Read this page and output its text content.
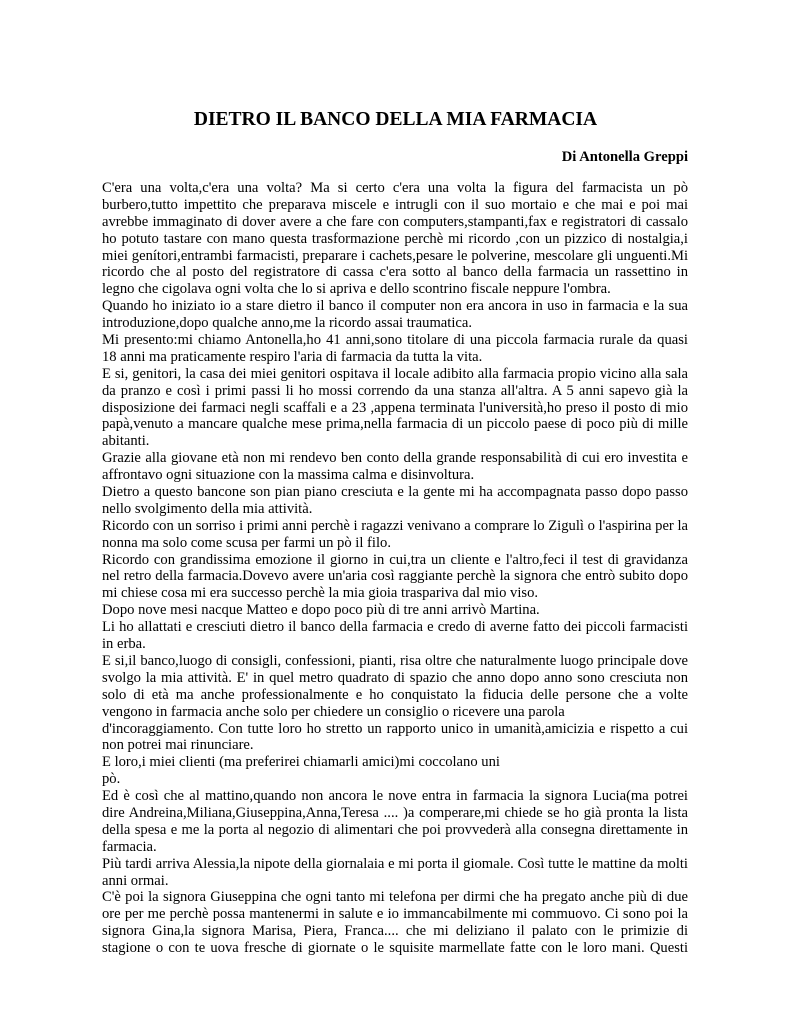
DIETRO IL BANCO DELLA MIA FARMACIA
Di Antonella Greppi
C'era una volta,c'era una volta? Ma si certo c'era una volta la figura del farmacista un pò
burbero,tutto impettito che preparava miscele e intrugli con il suo mortaio e che mai e poi mai
avrebbe immaginato di dover avere a che fare con computers,stampanti,fax e registratori di cassalo
ho potuto tastare con mano questa trasformazione perchè mi ricordo ,con un pizzico di nostalgia,i
miei genítori,entrambi farmacisti, preparare i cachets,pesare le polverine, mescolare gli unguenti.Mi
ricordo che al posto del registratore di cassa c'era sotto al banco della farmacia un rassettino in
legno che cigolava ogni volta che lo si apriva e dello scontrino fiscale neppure l'ombra.
Quando ho iniziato io a stare dietro il banco il computer non era ancora in uso in farmacia e la sua
introduzione,dopo qualche anno,me la ricordo assai traumatica.
Mi presento:mi chiamo Antonella,ho 41 anni,sono titolare di una piccola farmacia rurale da quasi
18 anni ma praticamente respiro l'aria di farmacia da tutta la vita.
E si, genitori, la casa dei miei genitori ospitava il locale adibito alla farmacia propio vicino alla sala
da pranzo e così i primi passi li ho mossi correndo da una stanza all'altra. A 5 anni sapevo già la
disposizione dei farmaci negli scaffali e a 23 ,appena terminata l'università,ho preso il posto di mio
papà,venuto a mancare qualche mese prima,nella farmacia di un piccolo paese di poco più di mille
abitanti.
Grazie alla giovane età non mi rendevo ben conto della grande responsabilità di cui ero investita e
affrontavo ogni situazione con la massima calma e disinvoltura.
Dietro a questo bancone son pian piano cresciuta e la gente mi ha accompagnata passo dopo passo
nello svolgimento della mia attività.
Ricordo con un sorriso i primi anni perchè i ragazzi venivano a comprare lo Zigulì o l'aspirina per la
nonna ma solo come scusa per farmi un pò il filo.
Ricordo con grandissima emozione il giorno in cui,tra un cliente e l'altro,feci il test di gravidanza
nel retro della farmacia.Dovevo avere un'aria così raggiante perchè la signora che entrò subito dopo
mi chiese cosa mi era successo perchè la mia gioia traspariva dal mio viso.
Dopo nove mesi nacque Matteo e dopo poco più di tre anni arrivò Martina.
Li ho allattati e cresciuti dietro il banco della farmacia e credo di averne fatto dei piccoli farmacisti
in erba.
E si,il banco,luogo di consigli, confessioni, pianti, risa oltre che naturalmente luogo principale dove
svolgo la mia attività. E' in quel metro quadrato di spazio che anno dopo anno sono cresciuta non
solo di età ma anche professionalmente e ho conquistato la fiducia delle persone che a volte
vengono in farmacia anche solo per chiedere un consiglio o ricevere una parola
d'incoraggiamento. Con tutte loro ho stretto un rapporto unico in umanità,amicizia e rispetto a cui
non potrei mai rinunciare.
E loro,i miei clienti (ma preferirei chiamarli amici)mi coccolano uni
pò.
Ed è così che al mattino,quando non ancora le nove entra in farmacia la signora Lucia(ma potrei
dire Andreina,Miliana,Giuseppina,Anna,Teresa .... )a comperare,mi chiede se ho già pronta la lista
della spesa e me la porta al negozio di alimentari che poi provvederà alla consegna direttamente in
farmacia.
Più tardi arriva Alessia,la nipote della giornalaia e mi porta il giomale. Così tutte le mattine da molti
anni ormai.
C'è poi la signora Giuseppina che ogni tanto mi telefona per dirmi che ha pregato anche più di due
ore per me perchè possa mantenermi in salute e io immancabilmente mi commuovo. Ci sono poi la
signora Gina,la signora Marisa, Piera, Franca.... che mi deliziano il palato con le primizie di
stagione o con te uova fresche di giornate o le squisite marmellate fatte con le loro mani. Questi
